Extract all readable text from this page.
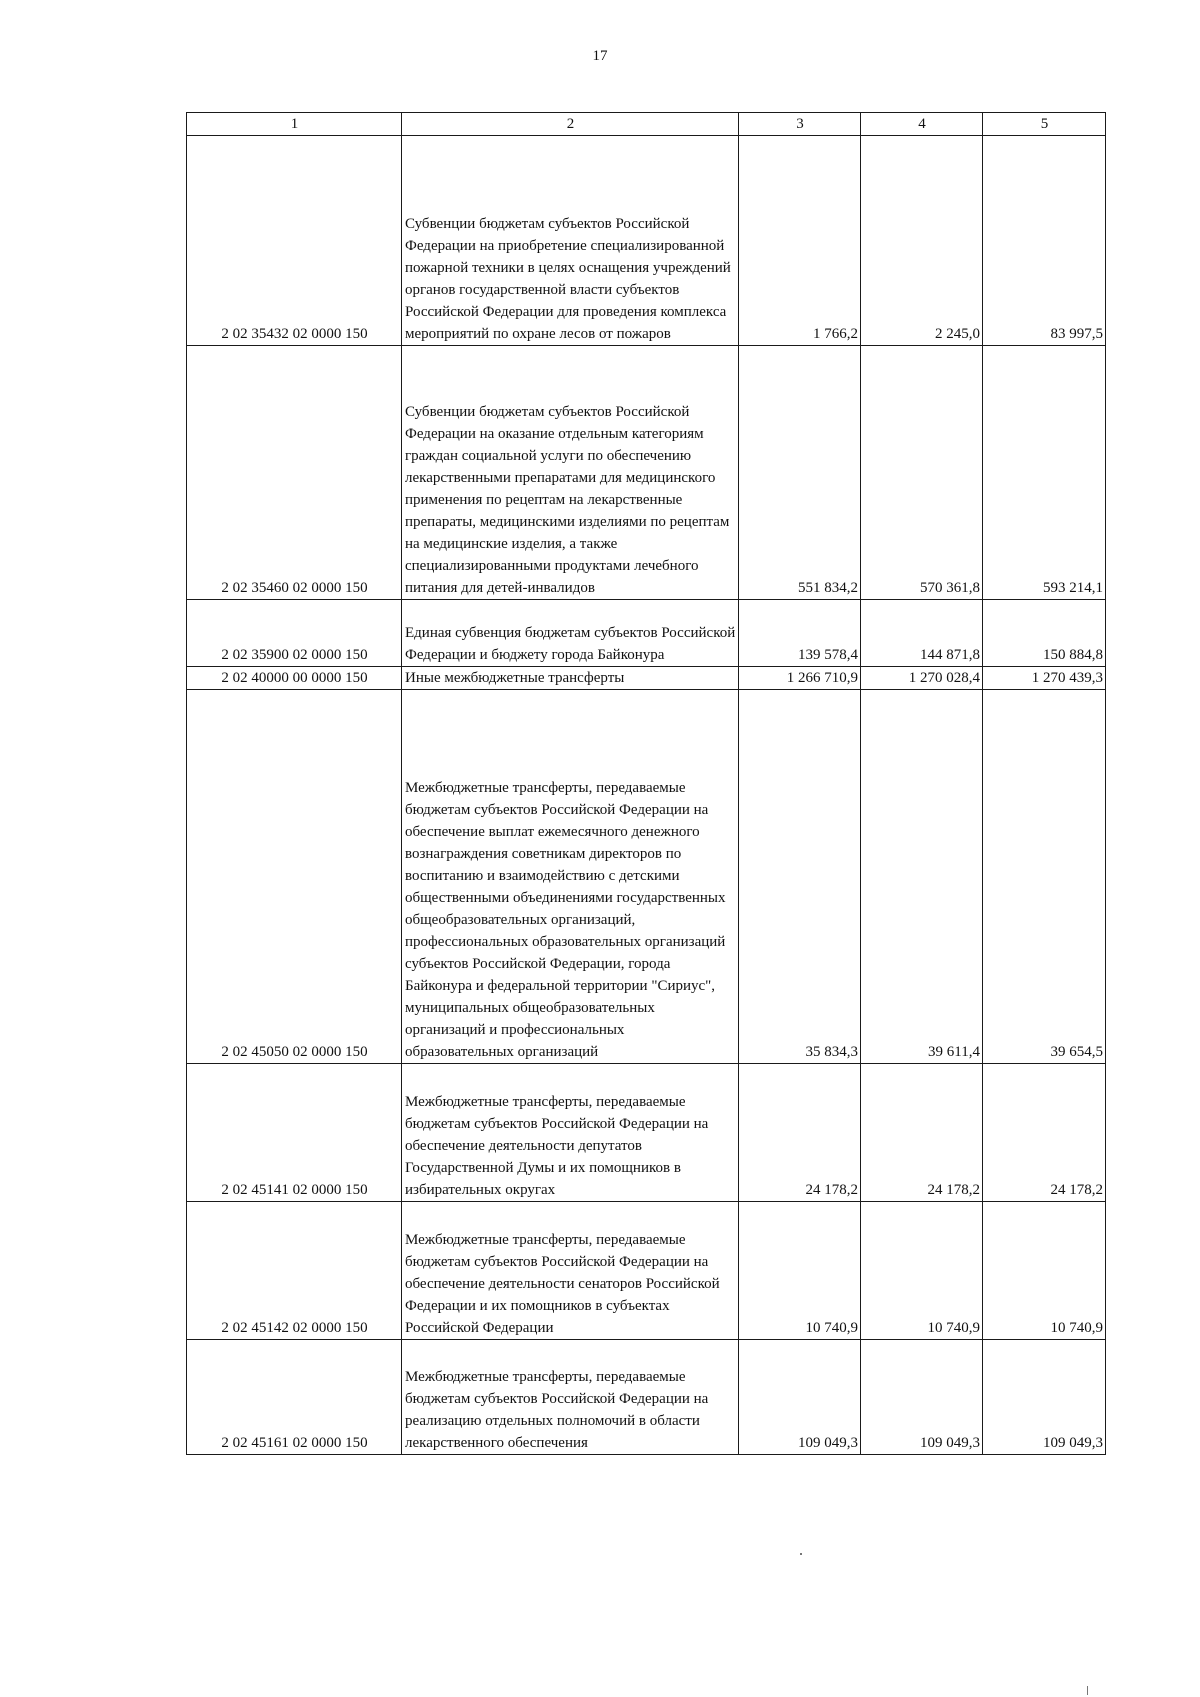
17
1	2	3	4	5
2 02 35432 02 0000 150	Субвенции бюджетам субъектов Российской Федерации на приобретение специализированной пожарной техники в целях оснащения учреждений органов государственной власти субъектов Российской Федерации для проведения комплекса мероприятий по охране лесов от пожаров	1 766,2	2 245,0	83 997,5
2 02 35460 02 0000 150	Субвенции бюджетам субъектов Российской Федерации на оказание отдельным категориям граждан социальной услуги по обеспечению лекарственными препаратами для медицинского применения по рецептам на лекарственные препараты, медицинскими изделиями по рецептам на медицинские изделия, а также специализированными продуктами лечебного питания для детей-инвалидов	551 834,2	570 361,8	593 214,1
2 02 35900 02 0000 150	Единая субвенция бюджетам субъектов Российской Федерации и бюджету города Байконура	139 578,4	144 871,8	150 884,8
2 02 40000 00 0000 150	Иные межбюджетные трансферты	1 266 710,9	1 270 028,4	1 270 439,3
2 02 45050 02 0000 150	Межбюджетные трансферты, передаваемые бюджетам субъектов Российской Федерации на обеспечение выплат ежемесячного денежного вознаграждения советникам директоров по воспитанию и взаимодействию с детскими общественными объединениями государственных общеобразовательных организаций, профессиональных образовательных организаций субъектов Российской Федерации, города Байконура и федеральной территории "Сириус", муниципальных общеобразовательных организаций и профессиональных образовательных организаций	35 834,3	39 611,4	39 654,5
2 02 45141 02 0000 150	Межбюджетные трансферты, передаваемые бюджетам субъектов Российской Федерации на обеспечение деятельности депутатов Государственной Думы и их помощников в избирательных округах	24 178,2	24 178,2	24 178,2
2 02 45142 02 0000 150	Межбюджетные трансферты, передаваемые бюджетам субъектов Российской Федерации на обеспечение деятельности сенаторов Российской Федерации и их помощников в субъектах Российской Федерации	10 740,9	10 740,9	10 740,9
2 02 45161 02 0000 150	Межбюджетные трансферты, передаваемые бюджетам субъектов Российской Федерации на реализацию отдельных полномочий в области лекарственного обеспечения	109 049,3	109 049,3	109 049,3
